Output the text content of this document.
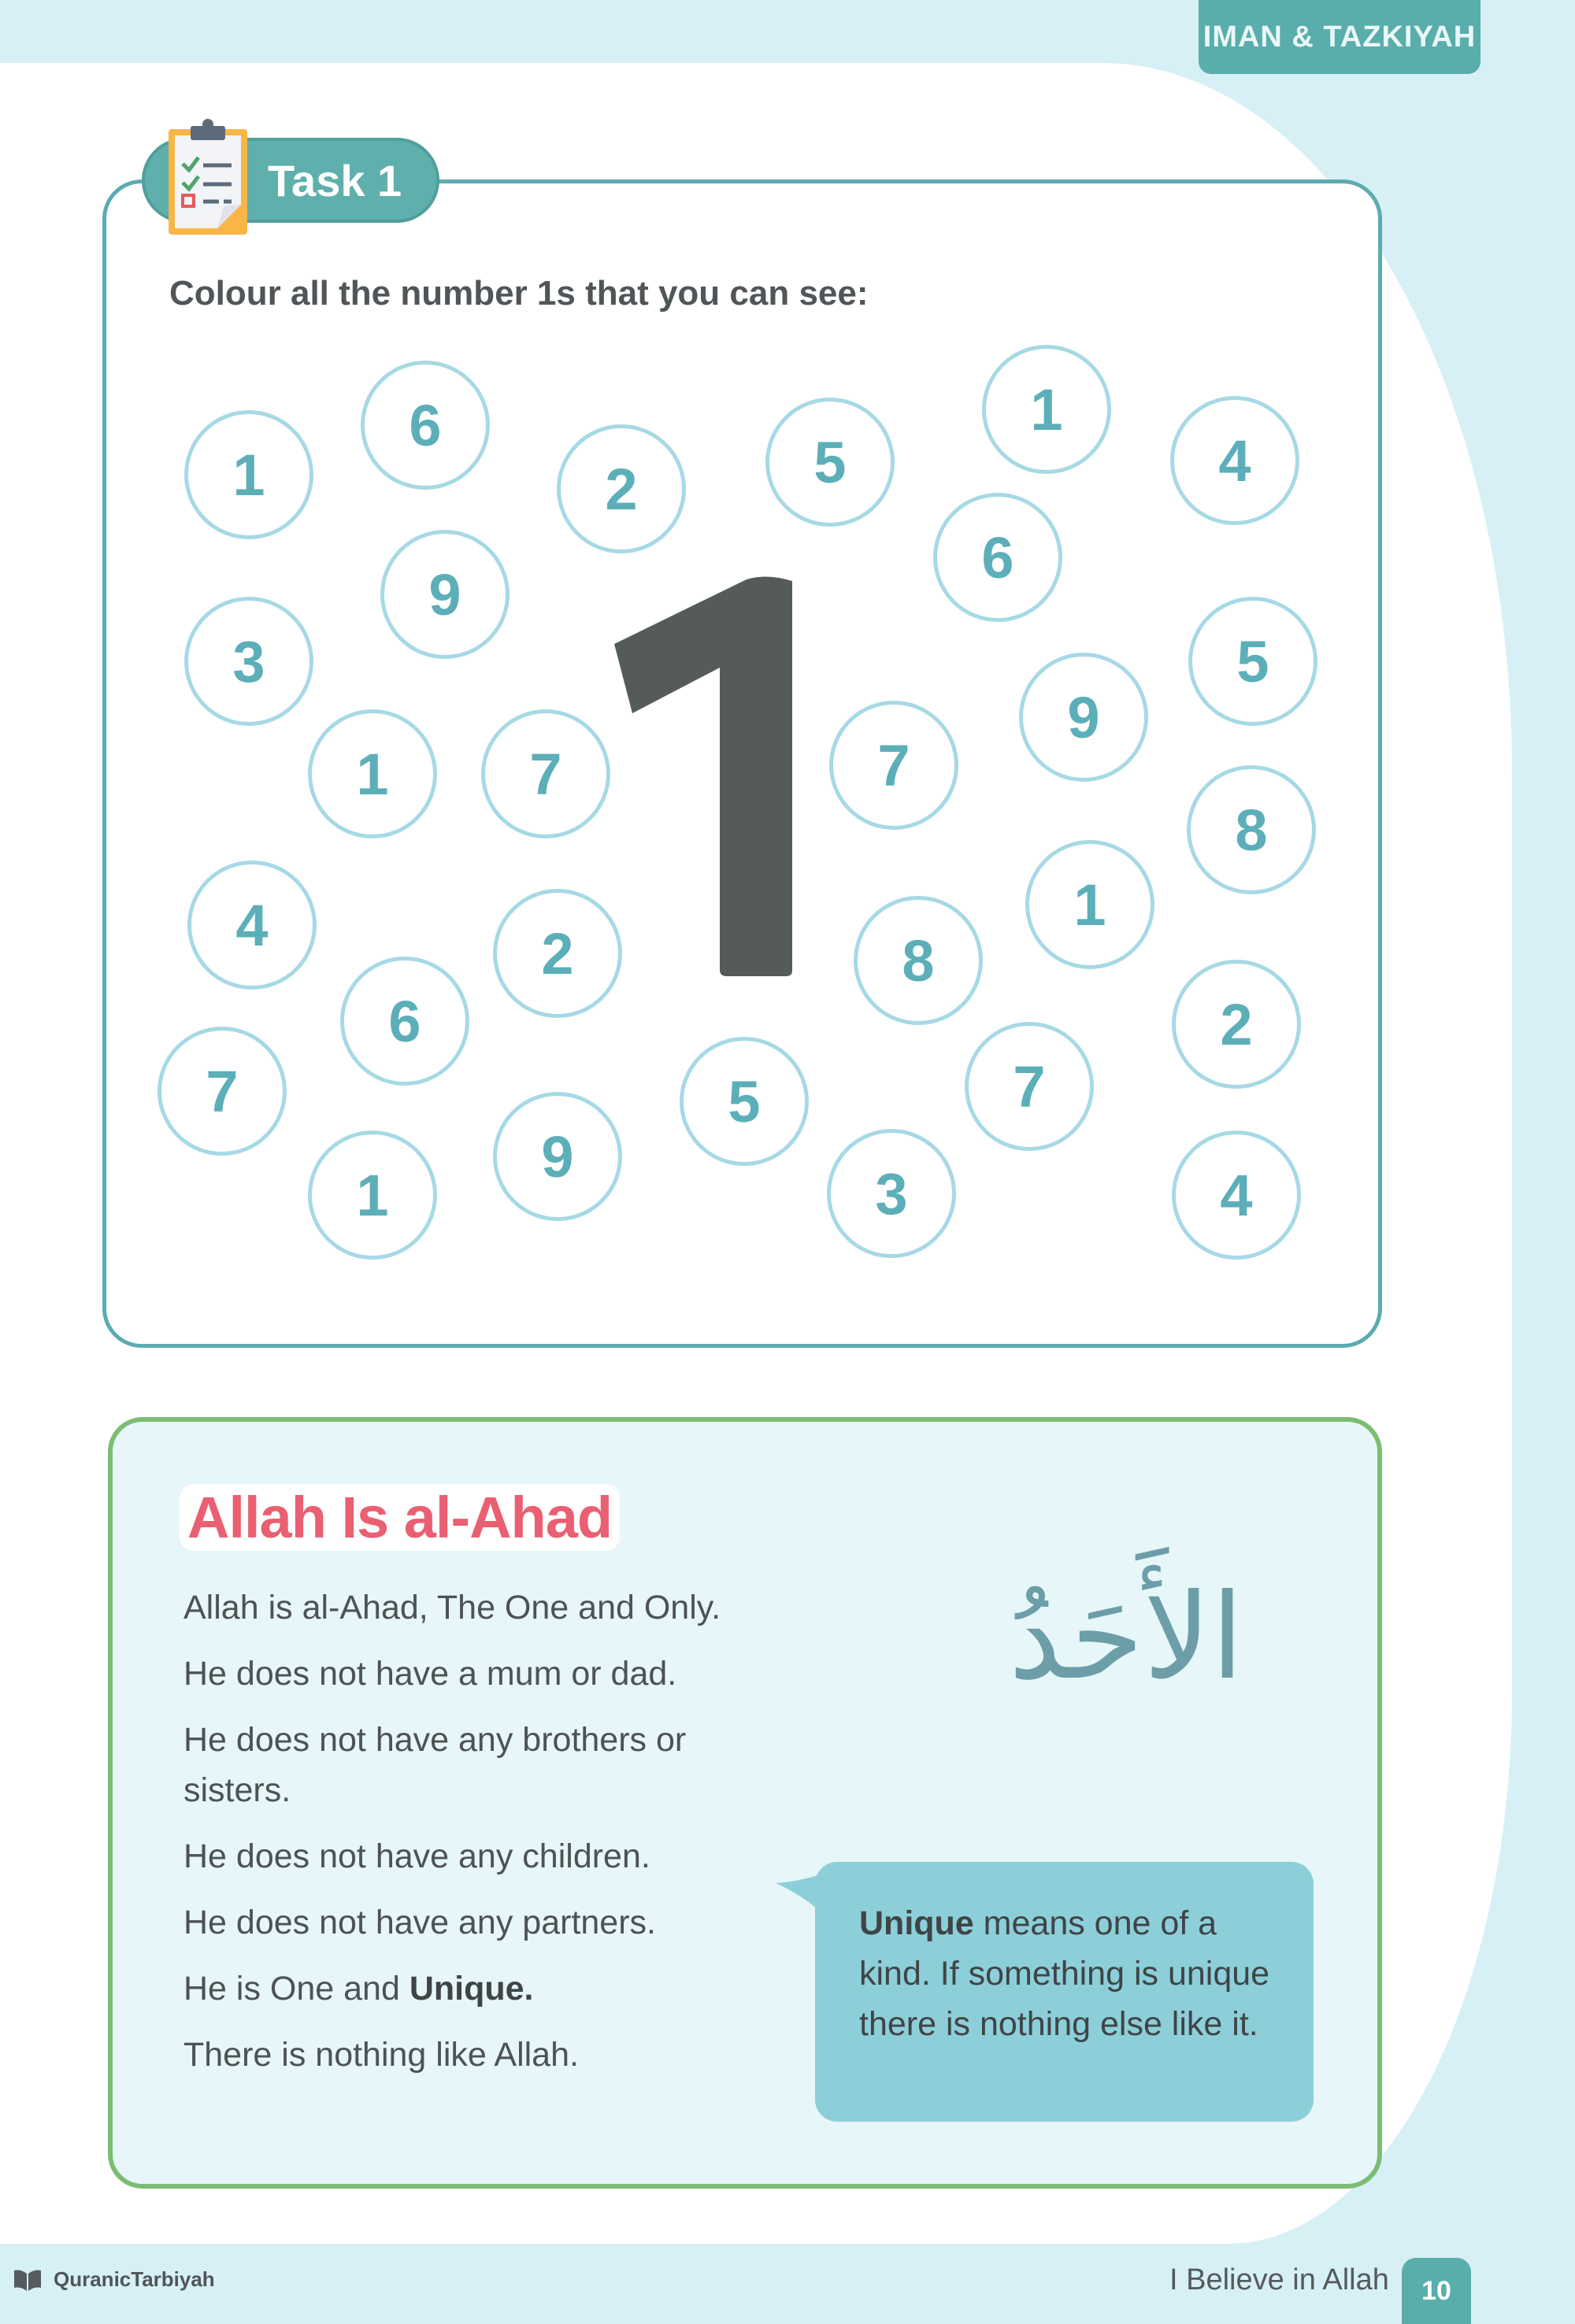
IMAN & TAZKIYAH
Task 1
Colour all the number 1s that you can see:
1
6
2	5
1
4
6
9
3	5
1	7	7
9
8
4	2
1
8
6	2
7	5	7
1
9
3	4
Allah Is al-Ahad
Allah is al-Ahad, The One and Only.
He does not have a mum or dad.
He does not have any brothers or sisters.
He does not have any children.
He does not have any partners.
He is One and Unique.
There is nothing like Allah.
الأَحَدُ
Unique means one of a kind. If something is unique there is nothing else like it.
QuranicTarbiyah	I Believe in Allah	10
